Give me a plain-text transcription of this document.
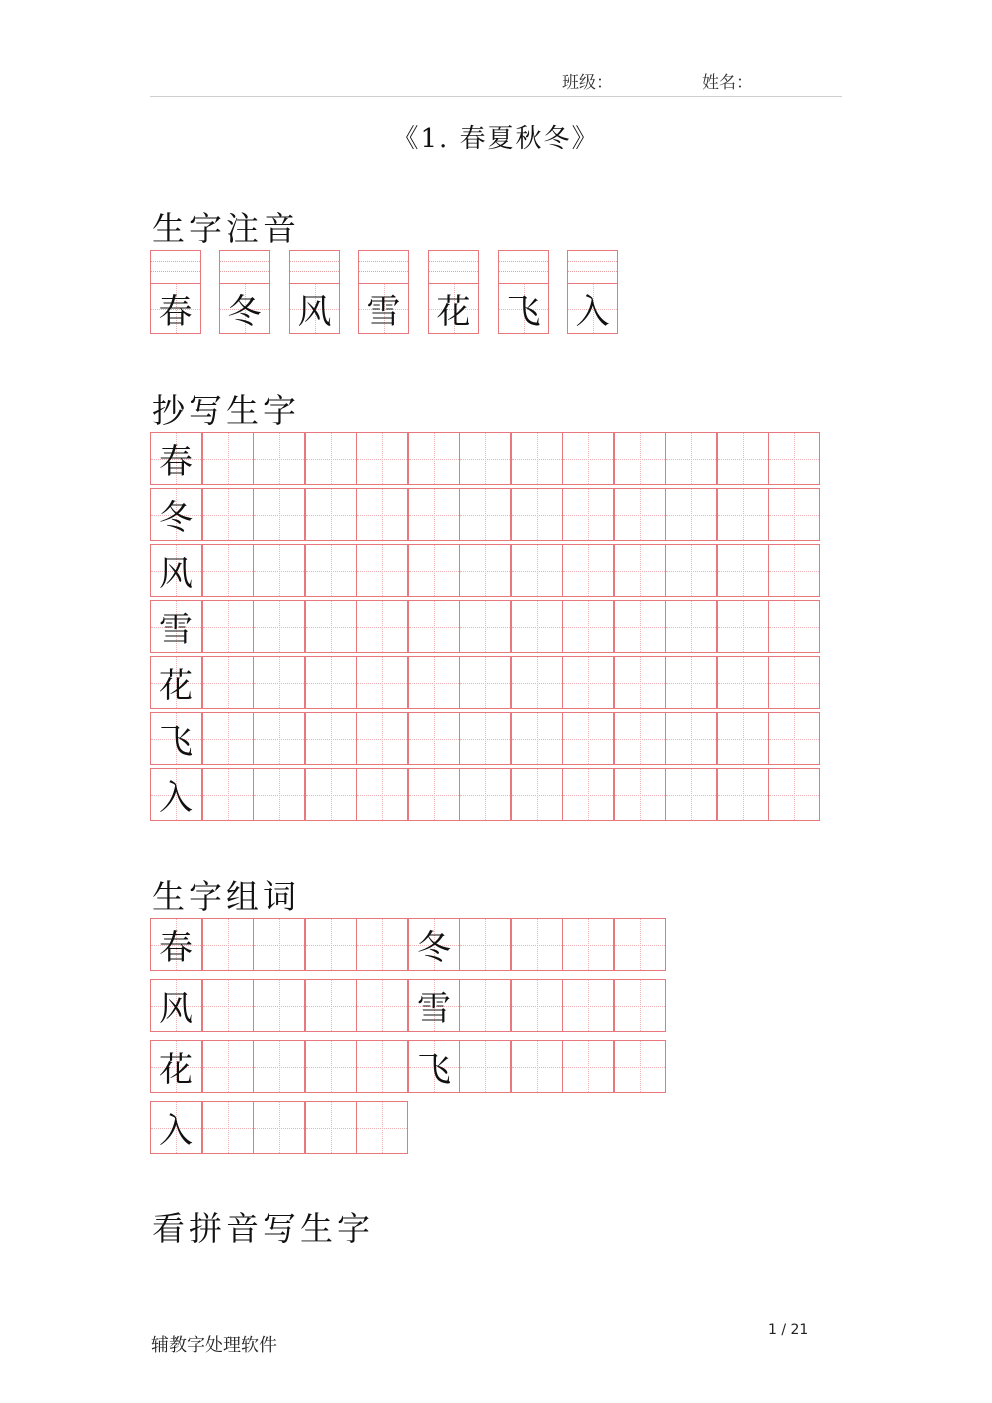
班级：	姓名：
《1. 春夏秋冬》
生字注音
春 冬 风 雪 花 飞 入
抄写生字
春
冬
风
雪
花
飞
入
生字组词
春	冬
风	雪
花	飞
入
看拼音写生字
辅教字处理软件
1 / 21
